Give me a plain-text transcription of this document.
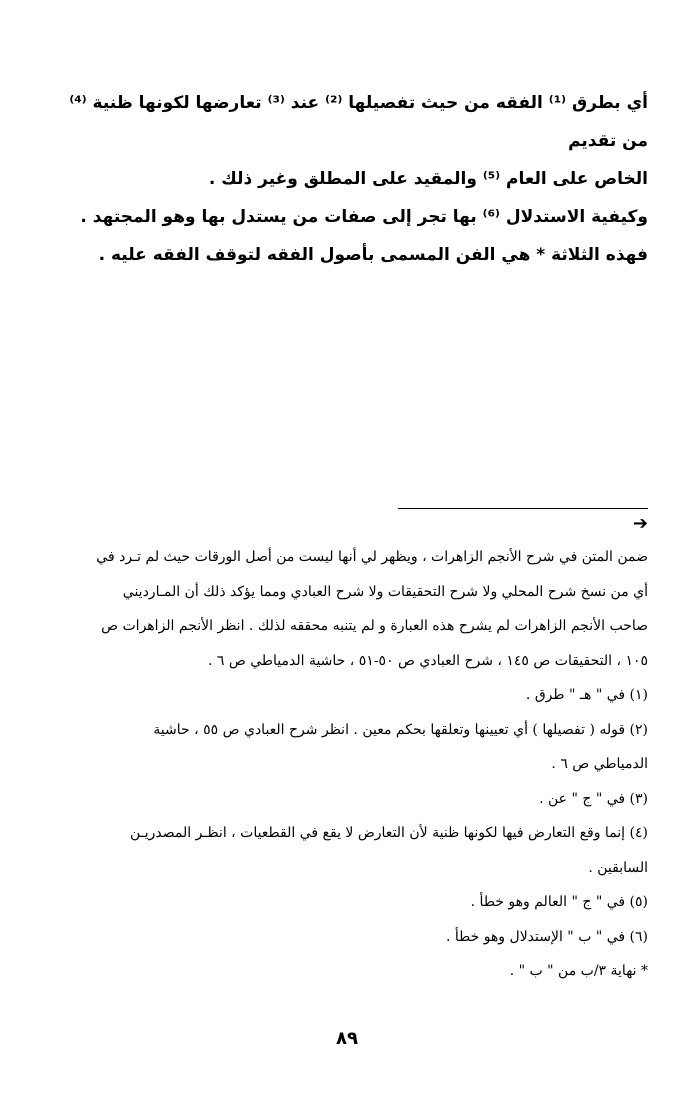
أي بطرق ⁽¹⁾ الفقه من حيث تفصيلها ⁽²⁾ عند ⁽³⁾ تعارضها لكونها ظنية ⁽⁴⁾ من تقديم

الخاص على العام ⁽⁵⁾ والمقيد على المطلق وغير ذلك .

وكيفية الاستدلال ⁽⁶⁾ بها تجر إلى صفات من يستدل بها وهو المجتهد .

فهذه الثلاثة * هي الفن المسمى بأصول الفقه لتوقف الفقه عليه .

➔

ضمن المتن في شرح الأنجم الزاهرات ، ويظهر لي أنها ليست من أصل الورقات حيث لم تـرد في

أي من نسخ شرح المحلي ولا شرح التحقيقات ولا شرح العبادي ومما يؤكد ذلك أن المـارديني

صاحب الأنجم الزاهرات لم يشرح هذه العبارة و لم يتنبه محققه لذلك . انظر الأنجم الزاهرات ص

١٠٥ ، التحقيقات ص ١٤٥ ، شرح العبادي ص ٥٠-٥١ ، حاشية الدمياطي ص ٦ .

(١) في " هـ " طرق .

(٢) قوله ( تفصيلها ) أي تعيينها وتعلقها بحكم معين . انظر شرح العبادي ص ٥٥ ، حاشية

الدمياطي ص ٦ .

(٣) في " ج " عن .

(٤) إنما وقع التعارض فيها لكونها ظنية لأن التعارض لا يقع في القطعيات ، انظـر المصدريـن

السابقين .

(٥) في " ج " العالم وهو خطأ .

(٦) في " ب " الإستدلال وهو خطأ .

* نهاية ٣/ب من " ب " .

٨٩
